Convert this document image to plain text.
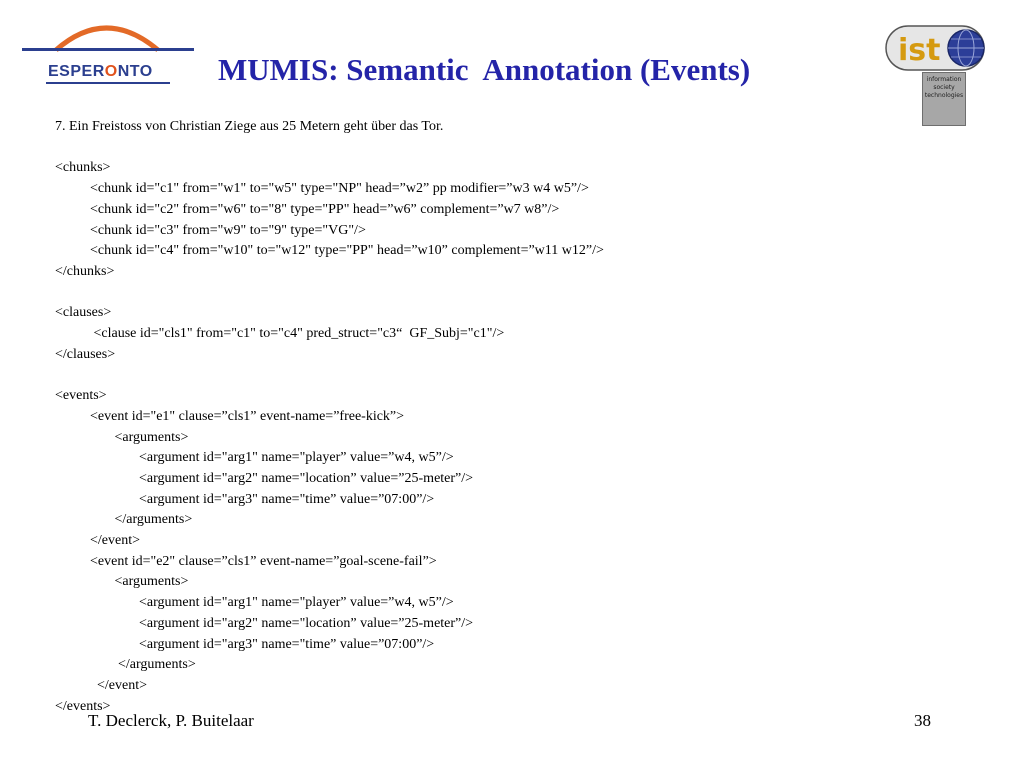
ESPERONTO MUMIS: Semantic  Annotation (Events)
ist
information
society
technologies
7. Ein Freistoss von Christian Ziege aus 25 Metern geht über das Tor.
<chunks>
<chunk id="c1" from="w1" to="w5" type="NP" head=”w2” pp modifier=”w3 w4 w5”/>
<chunk id="c2" from="w6" to="8" type="PP" head=”w6” complement=”w7 w8”/>
<chunk id="c3" from="w9" to="9" type="VG"/>
<chunk id="c4" from="w10" to="w12" type="PP" head=”w10” complement=”w11 w12”/>
</chunks>
<clauses>
<clause id="cls1" from="c1" to="c4" pred_struct="c3“  GF_Subj="c1"/>
</clauses>
<events>
<event id="e1" clause=”cls1” event-name=”free-kick”>
<arguments>
<argument id="arg1" name="player” value=”w4, w5”/>
<argument id="arg2" name="location” value=”25-meter”/>
<argument id="arg3" name="time” value=”07:00”/>
</arguments>
</event>
<event id="e2" clause=”cls1” event-name=”goal-scene-fail”>
<arguments>
<argument id="arg1" name="player” value=”w4, w5”/>
<argument id="arg2" name="location” value=”25-meter”/>
<argument id="arg3" name="time” value=”07:00”/>
</arguments>
</event>
</events>
T. Declerck, P. Buitelaar	38
